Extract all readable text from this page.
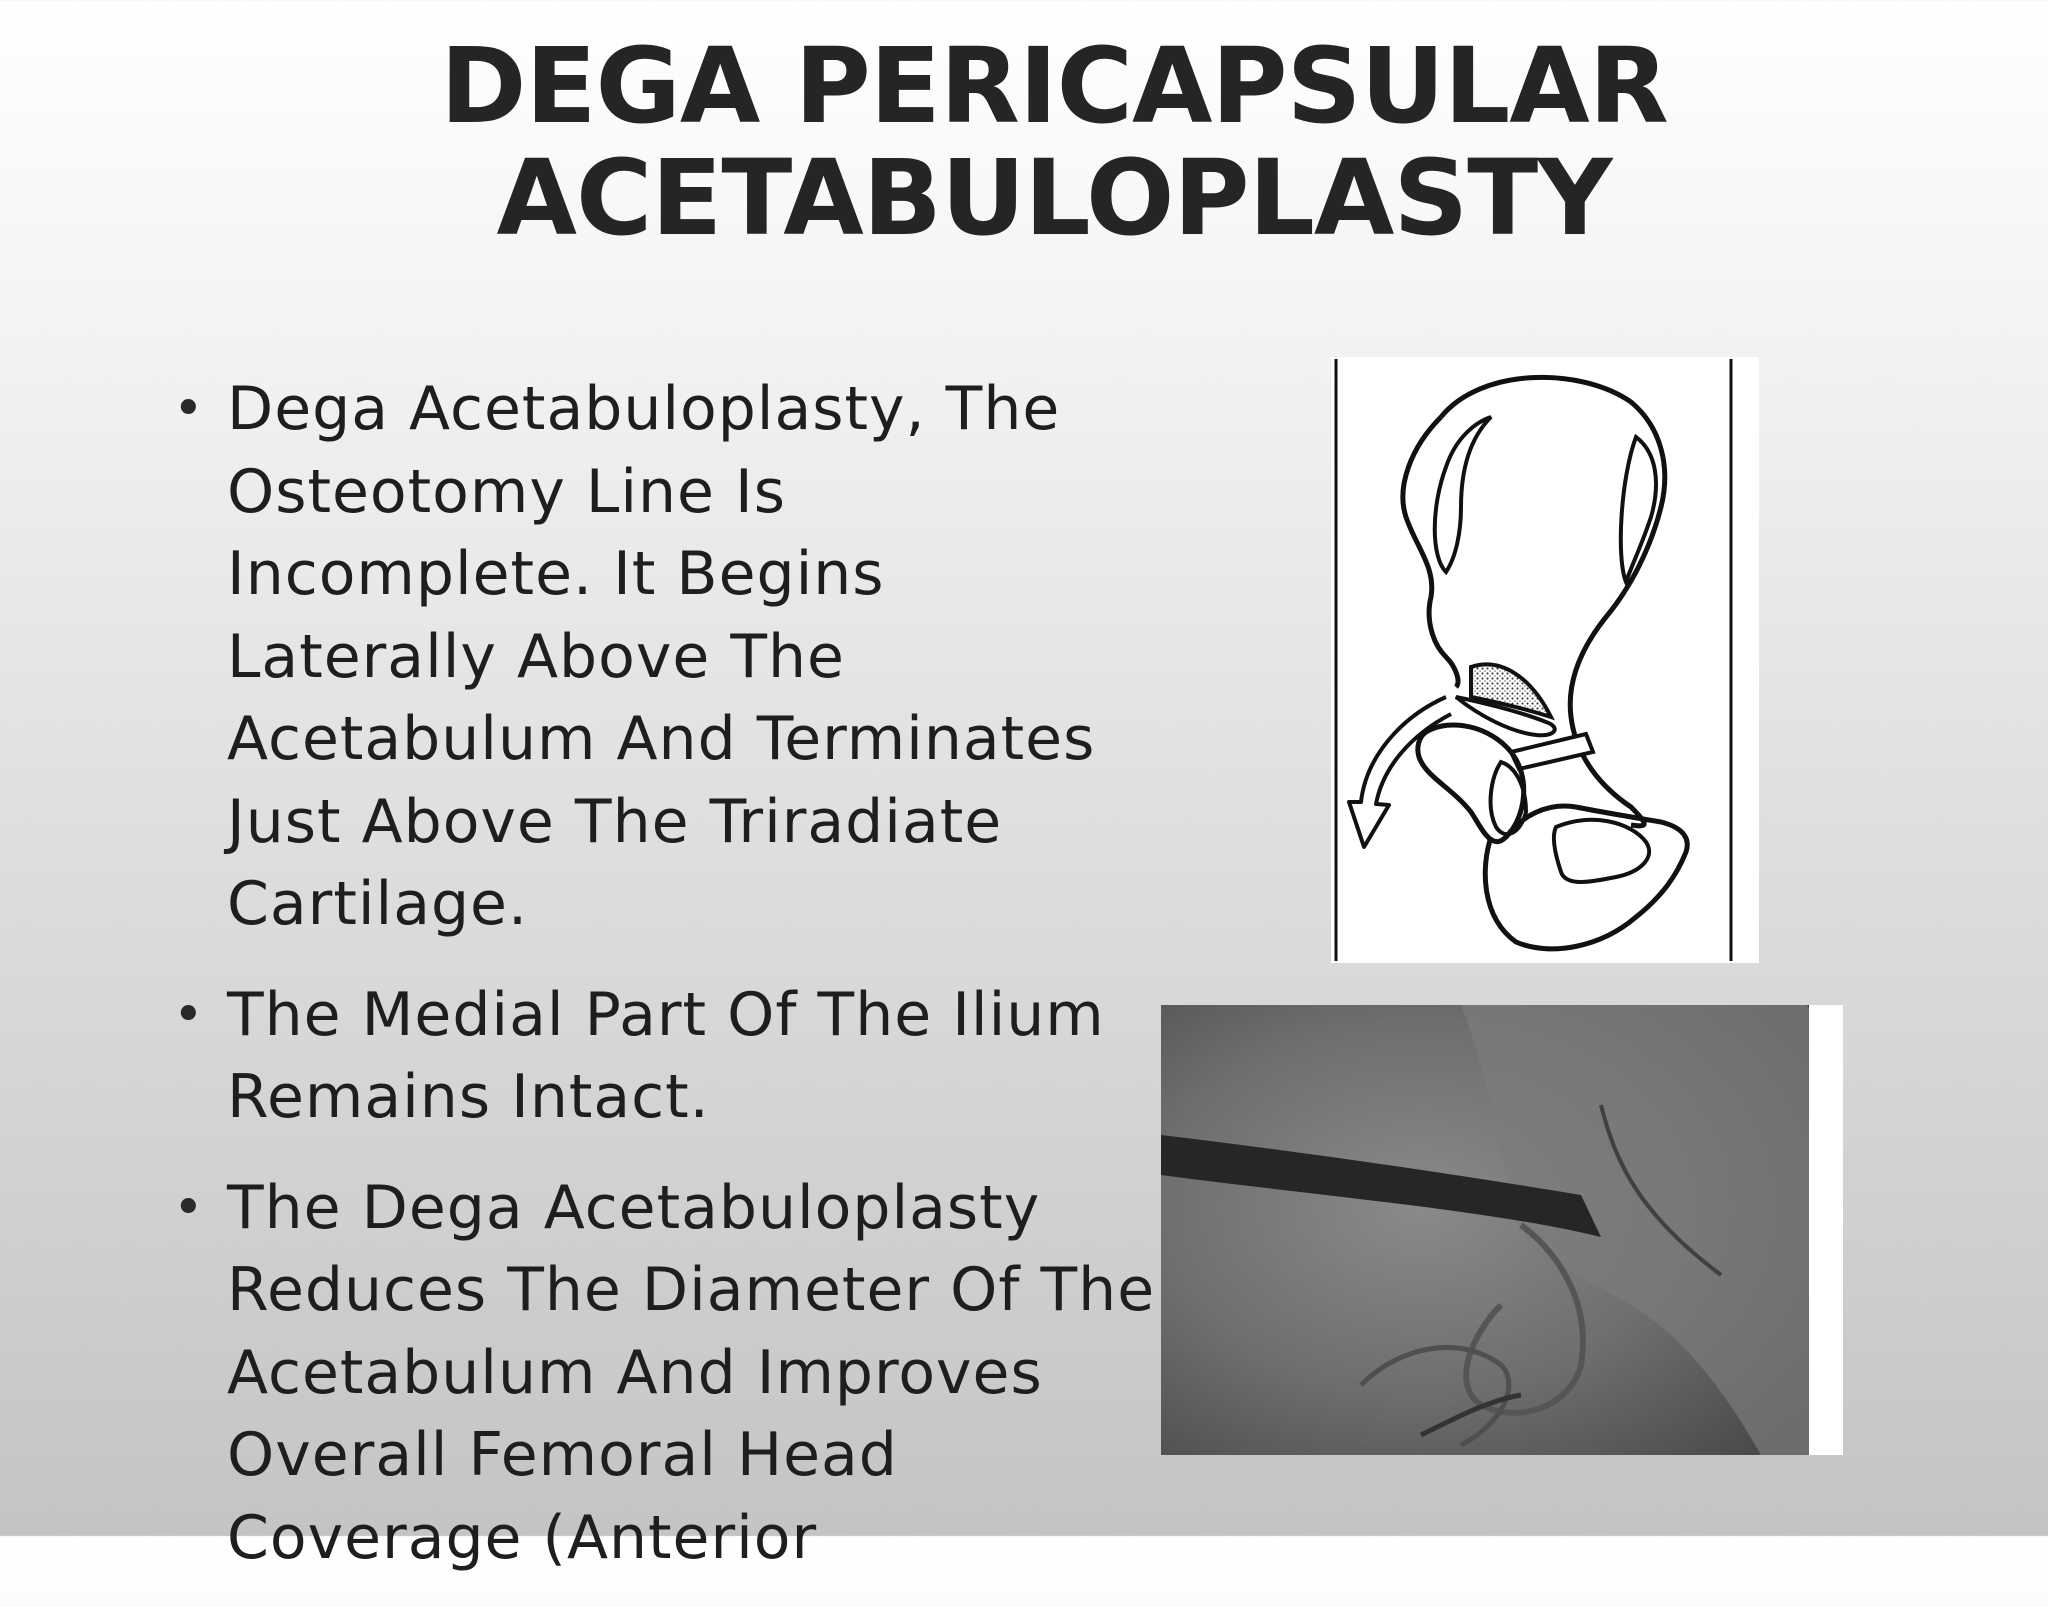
DEGA PERICAPSULAR
ACETABULOPLASTY
• Dega Acetabuloplasty, The Osteotomy Line Is Incomplete. It Begins Laterally Above The Acetabulum And Terminates Just Above The Triradiate Cartilage.
• The Medial Part Of The Ilium Remains Intact.
• The Dega Acetabuloplasty Reduces The Diameter Of The Acetabulum And Improves Overall Femoral Head Coverage (Anterior
